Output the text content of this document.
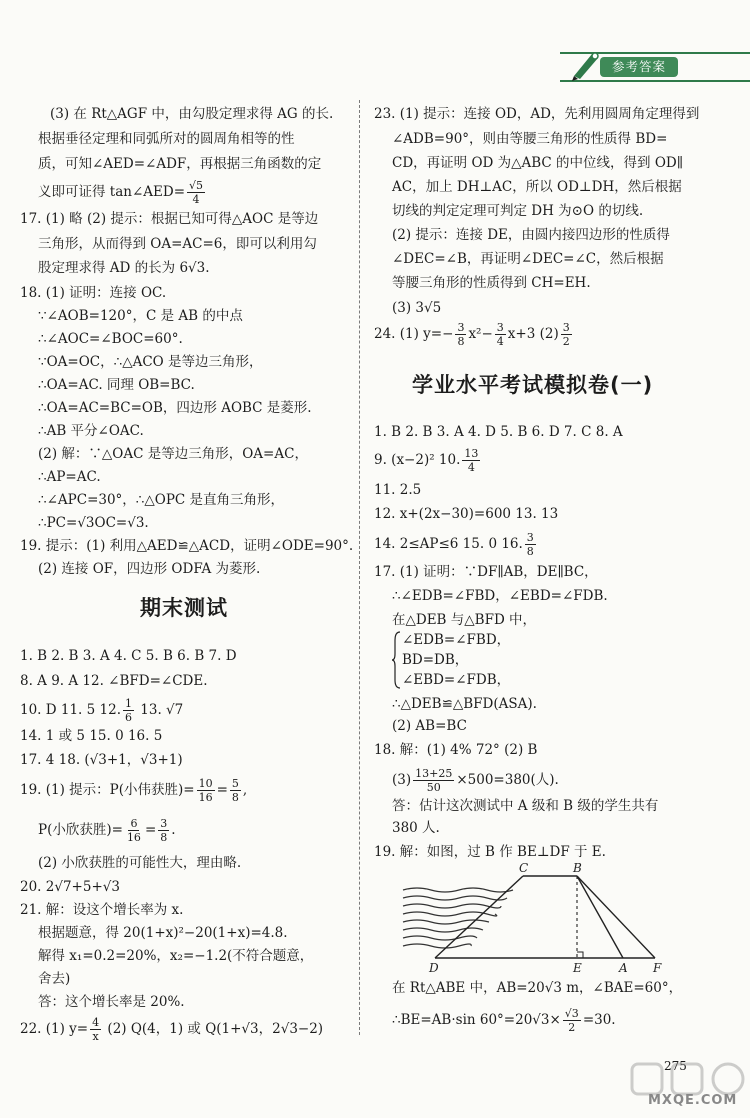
参考答案
(3) 在 Rt△AGF 中，由勾股定理求得 AG 的长.
根据垂径定理和同弧所对的圆周角相等的性
质，可知∠AED=∠ADF，再根据三角函数的定
义即可证得 tan∠AED= $\frac{√5}{4}$
17. (1) 略 (2) 提示：根据已知可得△AOC 是等边
三角形，从而得到 OA=AC=6，即可以利用勾
股定理求得 AD 的长为 6√3.
18. (1) 证明：连接 OC.
∵∠AOB=120°，C 是 AB 的中点
∴∠AOC=∠BOC=60°.
∵OA=OC，∴△ACO 是等边三角形，
∴OA=AC. 同理 OB=BC.
∴OA=AC=BC=OB，四边形 AOBC 是菱形.
∴AB 平分∠OAC.
(2) 解：∵△OAC 是等边三角形，OA=AC，
∴AP=AC.
∴∠APC=30°，∴△OPC 是直角三角形，
∴PC=√3OC=√3.
19. 提示：(1) 利用△AED≌△ACD，证明∠ODE=90°.
(2) 连接 OF，四边形 ODFA 为菱形.
期末测试
1. B 2. B 3. A 4. C 5. B 6. B 7. D
8. A 9. A 12. ∠BFD=∠CDE.
10. D 11. 5 12. $\frac{1}{6} 13$. √7
14. 1 或 5 15. 0 16. 5
17. 4 18. (√3+1，√3+1)
19. (1) 提示：P(小伟获胜)= $\frac{10}{16} = \frac{5}{8}$ ,
P(小欣获胜)= $\frac{6}{16} = \frac{3}{8}$ .
(2) 小欣获胜的可能性大，理由略.
20. 2√7+5+√3
21. 解：设这个增长率为 x.
根据题意，得 20(1+x)²−20(1+x)=4.8.
解得 x₁=0.2=20%，x₂=−1.2(不符合题意，
舍去)
答：这个增长率是 20%.
22. (1) $y= \frac{4}{x} (2)$ Q(4，1) 或 Q(1+√3，2√3−2)
23. (1) 提示：连接 OD，AD，先利用圆周角定理得到
∠ADB=90°，则由等腰三角形的性质得 BD=
CD，再证明 OD 为△ABC 的中位线，得到 OD∥
AC，加上 DH⊥AC，所以 OD⊥DH，然后根据
切线的判定定理可判定 DH 为⊙O 的切线.
(2) 提示：连接 DE，由圆内接四边形的性质得
∠DEC=∠B，再证明∠DEC=∠C，然后根据
等腰三角形的性质得到 CH=EH.
(3) 3√5
24. (1) $y=- \frac{3}{8} x^2- \frac{3}{4} x+3$ $(2) \frac{3}{2}$
学业水平考试模拟卷(一)
1. B 2. B 3. A 4. D 5. B 6. D 7. C 8. A
9. (x−2)² 10. $\frac{13}{4}$
11. 2.5
12. x+(2x−30)=600 13. 13
14. 2≤AP≤6 15. 0 16. $\frac{3}{8}$
17. (1) 证明：∵DF∥AB，DE∥BC，
∴∠EDB=∠FBD，∠EBD=∠FDB.
在△DEB 与△BFD 中，
∠EDB=∠FBD，
BD=DB，
∠EBD=∠FDB，
∴△DEB≌△BFD(ASA).
(2) AB=BC
18. 解：(1) 4% 72° (2) B
$(3) \frac{13+25}{50} \times 500=380$(人).
答：估计这次测试中 A 级和 B 级的学生共有
380 人.
19. 解：如图，过 B 作 BE⊥DF 于 E.
C	B
D	E	A F
在 Rt△ABE 中，AB=20√3 m，∠BAE=60°，
∴BE=AB·sin $60^\circ=20√3\times \frac{√3}{2} =30$.
275
MXQE.COM
